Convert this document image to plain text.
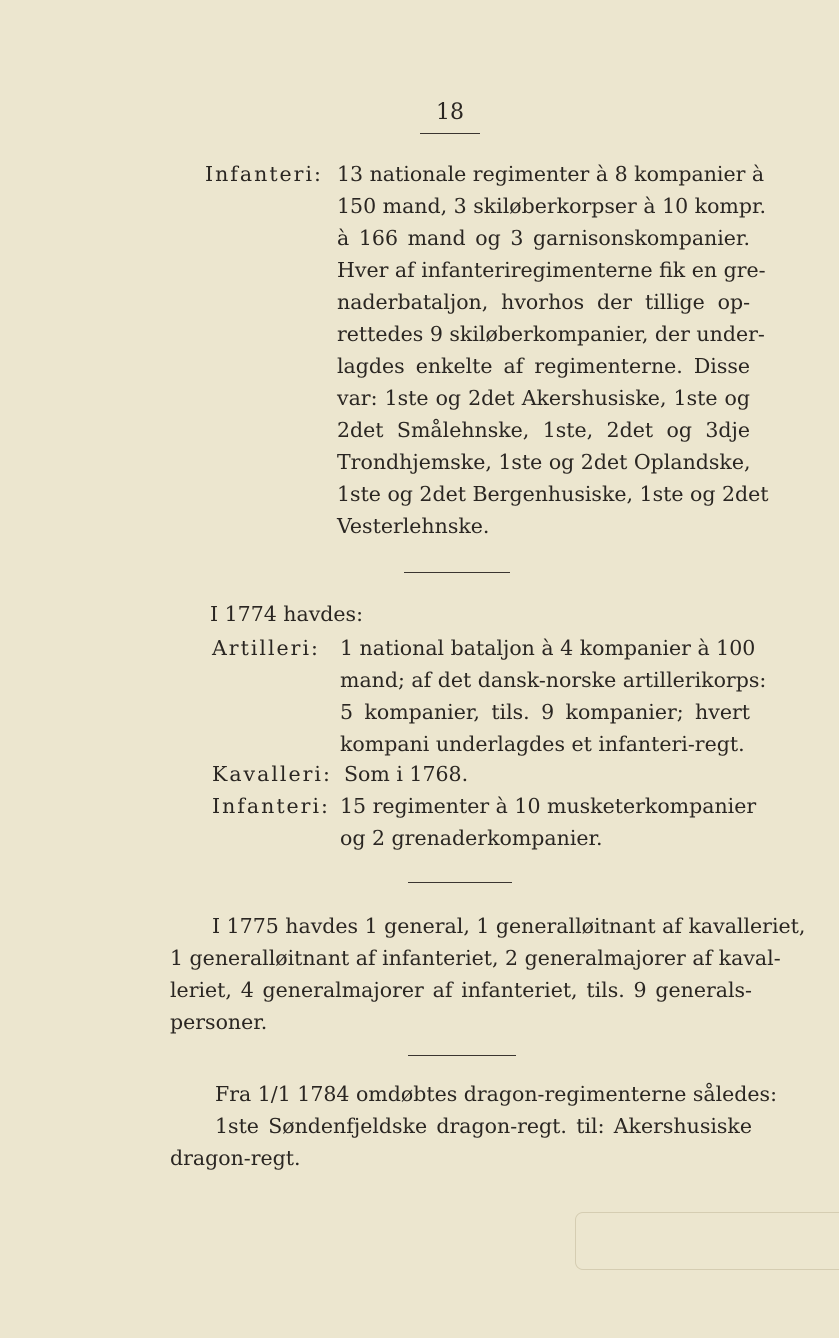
18
Infanteri: 13 nationale regimenter à 8 kompanier à
150 mand, 3 skiløberkorpser à 10 kompr.
à 166 mand og 3 garnisonskompanier.
Hver af infanteriregimenterne fik en gre-
naderbataljon, hvorhos der tillige op-
rettedes 9 skiløberkompanier, der under-
lagdes enkelte af regimenterne. Disse
var: 1ste og 2det Akershusiske, 1ste og
2det Smålehnske, 1ste, 2det og 3dje
Trondhjemske, 1ste og 2det Oplandske,
1ste og 2det Bergenhusiske, 1ste og 2det
Vesterlehnske.
I 1774 havdes:
Artilleri: 1 national bataljon à 4 kompanier à 100
mand; af det dansk-norske artillerikorps:
5 kompanier, tils. 9 kompanier; hvert
kompani underlagdes et infanteri-regt.
Kavalleri: Som i 1768.
Infanteri: 15 regimenter à 10 musketerkompanier
og 2 grenaderkompanier.
I 1775 havdes 1 general, 1 generalløitnant af kavalleriet,
1 generalløitnant af infanteriet, 2 generalmajorer af kaval-
leriet, 4 generalmajorer af infanteriet, tils. 9 generals-
personer.
Fra 1/1 1784 omdøbtes dragon-regimenterne således:
1ste Søndenfjeldske dragon-regt. til: Akershusiske
dragon-regt.
